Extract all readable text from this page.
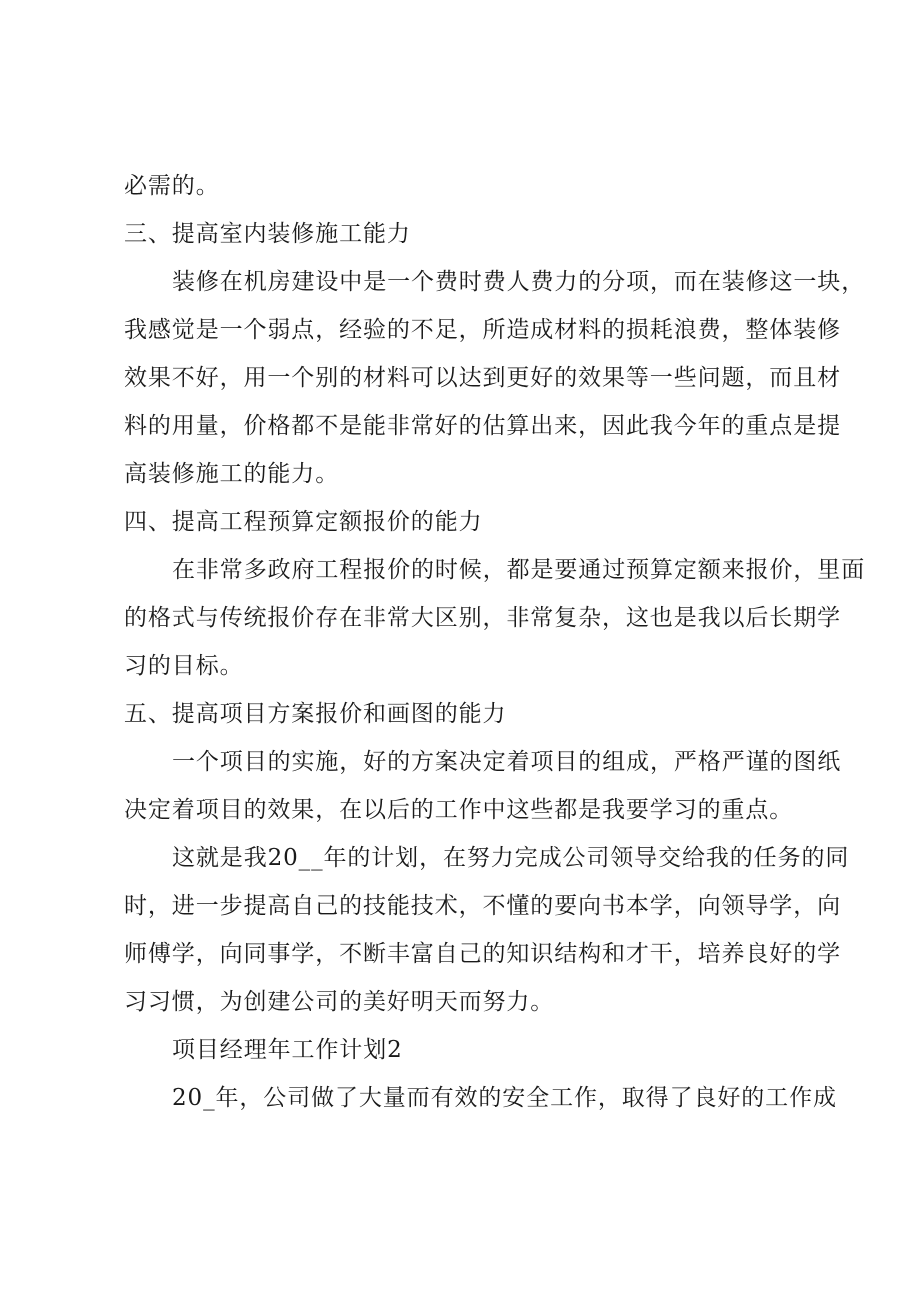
必需的。

三、提高室内装修施工能力

装修在机房建设中是一个费时费人费力的分项，而在装修这一块，

我感觉是一个弱点，经验的不足，所造成材料的损耗浪费，整体装修

效果不好，用一个别的材料可以达到更好的效果等一些问题，而且材

料的用量，价格都不是能非常好的估算出来，因此我今年的重点是提

高装修施工的能力。

四、提高工程预算定额报价的能力

在非常多政府工程报价的时候，都是要通过预算定额来报价，里面

的格式与传统报价存在非常大区别，非常复杂，这也是我以后长期学

习的目标。

五、提高项目方案报价和画图的能力

一个项目的实施，好的方案决定着项目的组成，严格严谨的图纸

决定着项目的效果，在以后的工作中这些都是我要学习的重点。

这就是我20__年的计划，在努力完成公司领导交给我的任务的同

时，进一步提高自己的技能技术，不懂的要向书本学，向领导学，向

师傅学，向同事学，不断丰富自己的知识结构和才干，培养良好的学

习习惯，为创建公司的美好明天而努力。

项目经理年工作计划2

20_年，公司做了大量而有效的安全工作，取得了良好的工作成
